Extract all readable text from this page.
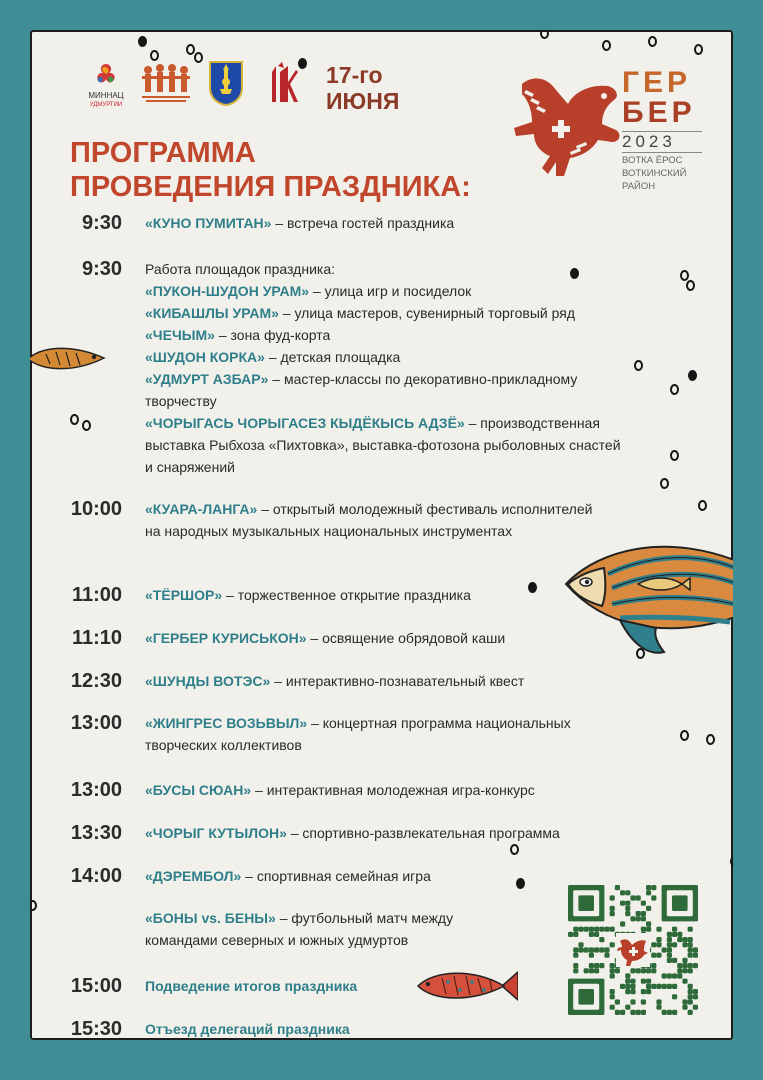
МИННАЦ
УДМУРТИИ
17-го
ИЮНЯ
ГЕР
БЕР
2023
ВОТКА ЁРОС
ВОТКИНСКИЙ
РАЙОН
ПРОГРАММА
ПРОВЕДЕНИЯ ПРАЗДНИКА:
9:30 «КУНО ПУМИТАН» – встреча гостей праздника
9:30 Работа площадок праздника:
«ПУКОН-ШУДОН УРАМ» – улица игр и посиделок
«КИБАШЛЫ УРАМ» – улица мастеров, сувенирный торговый ряд
«ЧЕЧЫМ» – зона фуд-корта
«ШУДОН КОРКА» – детская площадка
«УДМУРТ АЗБАР» – мастер-классы по декоративно-прикладному
творчеству
«ЧОРЫГАСЬ ЧОРЫГАСЕЗ КЫДЁКЫСЬ АДЗЁ» – производственная
выставка Рыбхоза «Пихтовка», выставка-фотозона рыболовных снастей
и снаряжений
10:00 «КУАРА-ЛАНГА» – открытый молодежный фестиваль исполнителей
на народных музыкальных национальных инструментах
11:00 «ТЁРШОР» – торжественное открытие праздника
11:10 «ГЕРБЕР КУРИСЬКОН» – освящение обрядовой каши
12:30 «ШУНДЫ ВОТЭС» – интерактивно-познавательный квест
13:00 «ЖИНГРЕС ВОЗЬВЫЛ» – концертная программа национальных
творческих коллективов
13:00 «БУСЫ СЮАН» – интерактивная молодежная игра-конкурс
13:30 «ЧОРЫГ КУТЫЛОН» – спортивно-развлекательная программа
14:00 «ДЭРЕМБОЛ» – спортивная семейная игра
«БОНЫ vs. БЕНЫ» – футбольный матч между
командами северных и южных удмуртов
15:00 Подведение итогов праздника
15:30 Отъезд делегаций праздника
